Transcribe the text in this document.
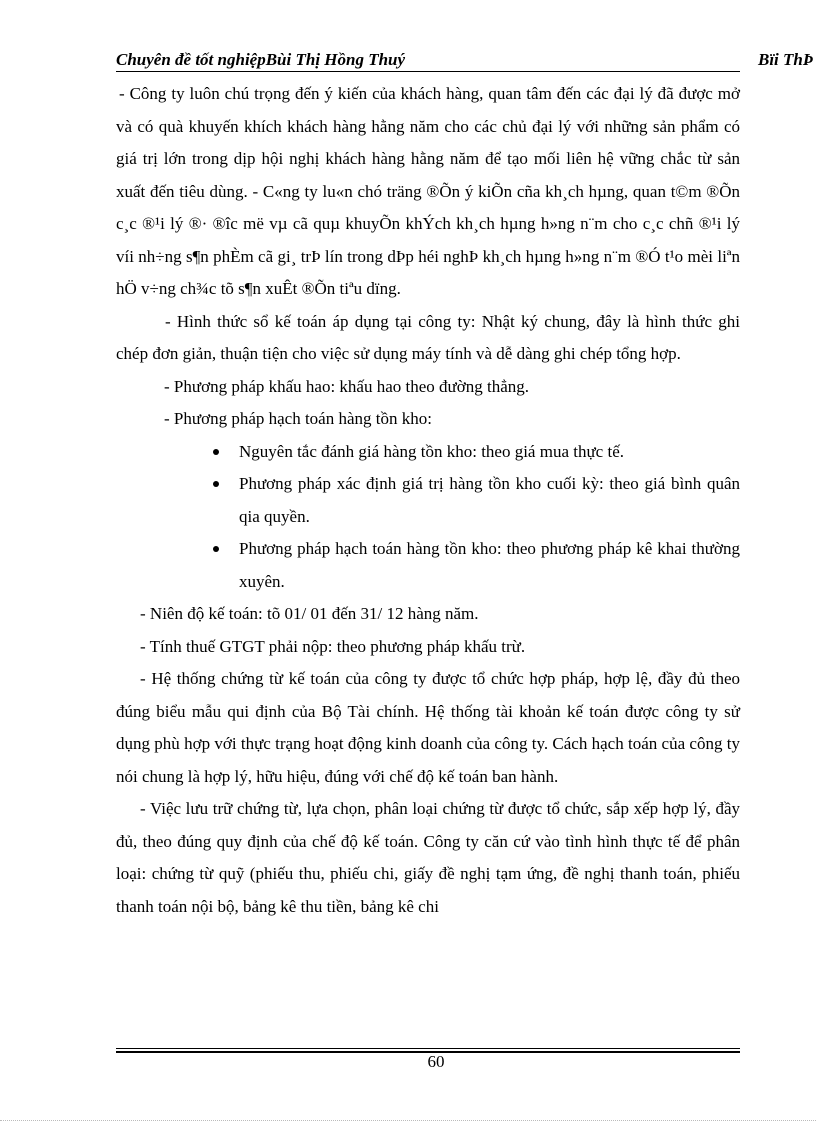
Chuyên đề tốt nghiệpBùi Thị Hồng Thuý	Bïi ThÞ

- Công ty luôn chú trọng đến ý kiến của khách hàng, quan tâm đến các đại lý đã được mở và có quà khuyến khích khách hàng hằng năm cho các chủ đại lý với những sản phẩm có giá trị lớn trong dịp hội nghị khách hàng hằng năm để tạo mối liên hệ vững chắc từ sản xuất đến tiêu dùng. - C«ng ty lu«n chó träng ®Õn ý kiÕn cña kh¸ch hµng, quan t©m ®Õn c¸c ®¹i lý ®· ®îc më vµ cã quµ khuyÕn khÝch kh¸ch hµng h»ng n¨m cho c¸c chñ ®¹i lý víi nh÷ng s¶n phÈm cã gi¸ trÞ lín trong dÞp héi nghÞ kh¸ch hµng h»ng n¨m ®Ó t¹o mèi liªn hÖ v÷ng ch¾c tõ s¶n xuÊt ®Õn tiªu dïng.

- Hình thức sổ kế toán áp dụng tại công ty: Nhật ký chung, đây là hình thức ghi chép đơn giản, thuận tiện cho việc sử dụng máy tính và dễ dàng ghi chép tổng hợp.

- Phương pháp khấu hao: khấu hao theo đường thẳng.

- Phương pháp hạch toán hàng tồn kho:

Nguyên tắc đánh giá hàng tồn kho: theo giá mua thực tế.
Phương pháp xác định giá trị hàng tồn kho cuối kỳ: theo giá bình quân qia quyền.
Phương pháp hạch toán hàng tồn kho: theo phương pháp kê khai thường xuyên.

- Niên độ kế toán: tõ 01/ 01 đến 31/ 12 hàng năm.

- Tính thuế GTGT phải nộp: theo phương pháp khấu trừ.

- Hệ thống chứng từ kế toán của công ty được tổ chức hợp pháp, hợp lệ, đầy đủ theo đúng biểu mẫu qui định của Bộ Tài chính. Hệ thống tài khoản kế toán được công ty sử dụng phù hợp với thực trạng hoạt động kinh doanh của công ty. Cách hạch toán của công ty nói chung là hợp lý, hữu hiệu, đúng với chế độ kế toán ban hành.

- Việc lưu trữ chứng từ, lựa chọn, phân loại chứng từ được tổ chức, sắp xếp hợp lý, đầy đủ, theo đúng quy định của chế độ kế toán. Công ty căn cứ vào tình hình thực tế để phân loại: chứng từ quỹ (phiếu thu, phiếu chi, giấy đề nghị tạm ứng, đề nghị thanh toán, phiếu thanh toán nội bộ, bảng kê thu tiền, bảng kê chi

60
